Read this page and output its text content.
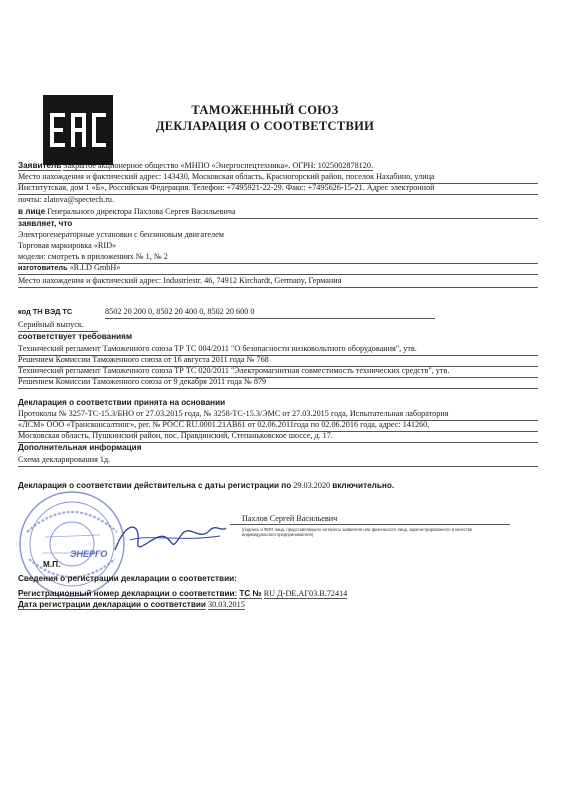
ТАМОЖЕННЫЙ СОЮЗ
ДЕКЛАРАЦИЯ О СООТВЕТСТВИИ
Заявитель Закрытое акционерное общество «МНПО «Энергоспецтехника». ОГРН: 1025002878120.
Место нахождения и фактический адрес: 143430, Московская область, Красногорский район, поселок Нахабино, улица
Институтская, дом 1 «Б», Российская Федерация. Телефон: +7495921-22-29. Факс: +7495626-15-21. Адрес электронной
почты: zlatova@spectech.ru.
в лице Генерального директора Пахлова Сергея Васильевича
заявляет, что
Электрогенераторные установки с бензиновым двигателем
Торговая маркировка «RID»
модели: смотреть в приложениях № 1, № 2
изготовитель «R.I.D GmbH»
Место нахождения и фактический адрес: Industriestr. 46, 74912 Kirchardt, Germany, Германия
код ТН ВЭД ТС	8502 20 200 0, 8502 20 400 0, 8502 20 600 0
Серийный выпуск.
соответствует требованиям
Технический регламент Таможенного союза ТР ТС 004/2011 "О безопасности низковольтного оборудования", утв.
Решением Комиссии Таможенного союза от 16 августа 2011 года № 768
Технический регламент Таможенного союза ТР ТС 020/2011 "Электромагнитная совместимость технических средств", утв.
Решением Комиссии Таможенного союза от 9 декабря 2011 года № 879
Декларация о соответствии принята на основании
Протоколы № 3257-ТС-15.3/БНО от 27.03.2015 года, № 3258-ТС-15.3/ЭМС от 27.03.2015 года, Испытательная лаборатория
«ЛСМ» ООО «Трансконсалтинг», рег. № РОСС RU.0001.21АВ61 от 02.06.2011года по 02.06.2016 года, адрес: 141260,
Московская область, Пушкинский район, пос. Правдинский, Степаньковское шоссе, д. 17.
Дополнительная информация
Схема декларирования 1д.
Декларация о соответствии действительна с даты регистрации по 29.03.2020 включительно.
ЭНЕРГО
М.П.
Пахлов Сергей Васильевич
(подпись и ФИО лица, представляющего интересы заявителя или физического лица, зарегистрированного в качестве
индивидуального предпринимателя)
Сведения о регистрации декларации о соответствии:
Регистрационный номер декларации о соответствии: ТС № RU Д-DE.АГ03.В.72414
Дата регистрации декларации о соответствии 30.03.2015
